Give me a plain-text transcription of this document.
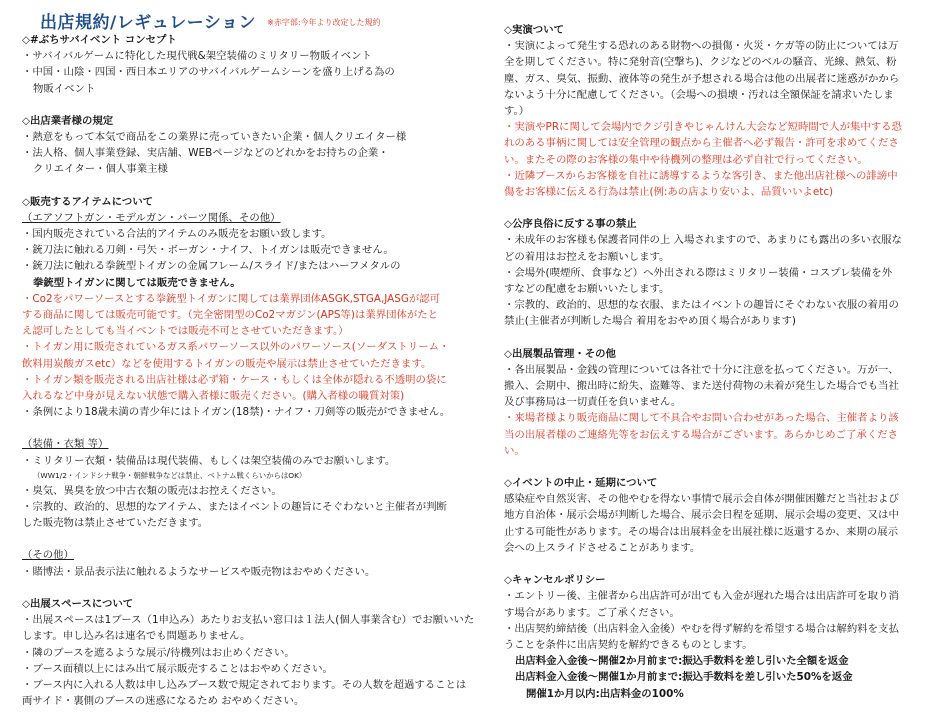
出店規約/レギュレーション ※赤字部:今年より改定した規約
◇#ぶちサバイベント コンセプト
・サバイバルゲームに特化した現代戦&架空装備のミリタリー物販イベント
・中国・山陰・四国・西日本エリアのサバイバルゲームシーンを盛り上げる為の
物販イベント
◇出店業者様の規定
・熱意をもって本気で商品をこの業界に売っていきたい企業・個人クリエイター様
・法人格、個人事業登録、実店舗、WEBページなどのどれかをお持ちの企業・
クリエイター・個人事業主様
◇販売するアイテムについて
（エアソフトガン・モデルガン・パーツ関係、その他）
・国内販売されている合法的アイテムのみ販売をお願い致します。
・銃刀法に触れる刀剣・弓矢・ボーガン・ナイフ、トイガンは販売できません。
・銃刀法に触れる拳銃型トイガンの金属フレーム/スライド/またはハーフメタルの
拳銃型トイガンに関しては販売できません。
・Co2をパワーソースとする拳銃型トイガンに関しては業界団体ASGK,STGA,JASGが認可
する商品に関しては販売可能です。（完全密閉型のCo2マガジン(APS等)は業界団体がたと
え認可したとしても当イベントでは販売不可とさせていただきます。）
・トイガン用に販売されているガス系パワーソース以外のパワーソース(ソーダストリーム・
飲料用炭酸ガスetc）などを使用するトイガンの販売や展示は禁止させていただきます。
・トイガン類を販売される出店社様は必ず箱・ケース・もしくは全体が隠れる不透明の袋に
入れるなど中身が見えない状態で購入者様に販売ください。(購入者様の職質対策)
・条例により18歳未満の青少年にはトイガン(18禁)・ナイフ・刀剣等の販売ができません。
（装備・衣類 等）
・ミリタリー衣類・装備品は現代装備、もしくは架空装備のみでお願いします。
（WW1/2・インドシナ戦争・朝鮮戦争などは禁止、ベトナム戦くらいからはOK）
・臭気、異臭を放つ中古衣類の販売はお控えください。
・宗教的、政治的、思想的なアイテム、またはイベントの趣旨にそぐわないと主催者が判断
した販売物は禁止させていただきます。
（その他）
・賭博法・景品表示法に触れるようなサービスや販売物はおやめください。
◇出展スペースについて
・出展スペースは1ブース（1申込み）あたりお支払い窓口は１法人(個人事業含む）でお願いいた
します。申し込み名は連名でも問題ありません。
・隣のブースを遮るような展示/待機列はお止めください。
・ブース面積以上にはみ出て展示販売することはおやめください。
・ブース内に入れる人数は申し込みブース数で規定されております。その人数を超過することは
両サイド・裏側のブースの迷惑になるため おやめください。
◇実演ついて
・実演によって発生する恐れのある財物への損傷・火災・ケガ等の防止については万
全を期してください。特に発射音(空撃ち)、クジなどのベルの騒音、光線、熱気、粉
塵、ガス、臭気、振動、液体等の発生が予想される場合は他の出展者に迷惑がかから
ないよう十分に配慮してください。（会場への損壊・汚れは全額保証を請求いたしま
す。）
・実演やPRに関して会場内でクジ引きやじゃんけん大会など短時間で人が集中する恐
れのある事柄に関しては安全管理の観点から主催者へ必ず報告・許可を求めてくださ
い。またその際のお客様の集中や待機列の整理は必ず自社で行ってください。
・近隣ブースからお客様を自社に誘導するような客引き、また他出店社様への誹謗中
傷をお客様に伝える行為は禁止(例:あの店より安いよ、品質いいよetc)
◇公序良俗に反する事の禁止
・未成年のお客様も保護者同伴の上 入場されますので、あまりにも露出の多い衣服な
どの着用はお控えをお願いします。
・会場外(喫煙所、食事など）へ外出される際はミリタリー装備・コスプレ装備を外
すなどの配慮をお願いいたします。
・宗教的、政治的、思想的な衣服、またはイベントの趣旨にそぐわない衣服の着用の
禁止(主催者が判断した場合 着用をおやめ頂く場合があります)
◇出展製品管理・その他
・各出展製品・金銭の管理については各社で十分に注意を払ってください。万が一、
搬入、会期中、搬出時に紛失、盗難等、また送付荷物の未着が発生した場合でも当社
及び事務局は一切責任を負いません。
・来場者様より販売商品に関して不具合やお問い合わせがあった場合、主催者より該
当の出展者様のご連絡先等をお伝えする場合がございます。あらかじめご了承くださ
い。
◇イベントの中止・延期について
感染症や自然災害、その他やむを得ない事情で展示会自体が開催困難だと当社および
地方自治体・展示会場が判断した場合、展示会日程を延期、展示会場の変更、又は中
止する可能性があります。その場合は出展料金を出展社様に返還するか、来期の展示
会への上スライドさせることがあります。
◇キャンセルポリシー
・エントリー後、主催者から出店許可が出ても入金が遅れた場合は出店許可を取り消
す場合があります。ご了承ください。
・出店契約締結後（出店料金入金後）やむを得ず解約を希望する場合は解約料を支払
うことを条件に出店契約を解約できるものとします。
出店料金入金後～開催2か月前まで:振込手数料を差し引いた全額を返金
出店料金入金後～開催1か月前まで:振込手数料を差し引いた50%を返金
開催1か月以内:出店料金の100%
